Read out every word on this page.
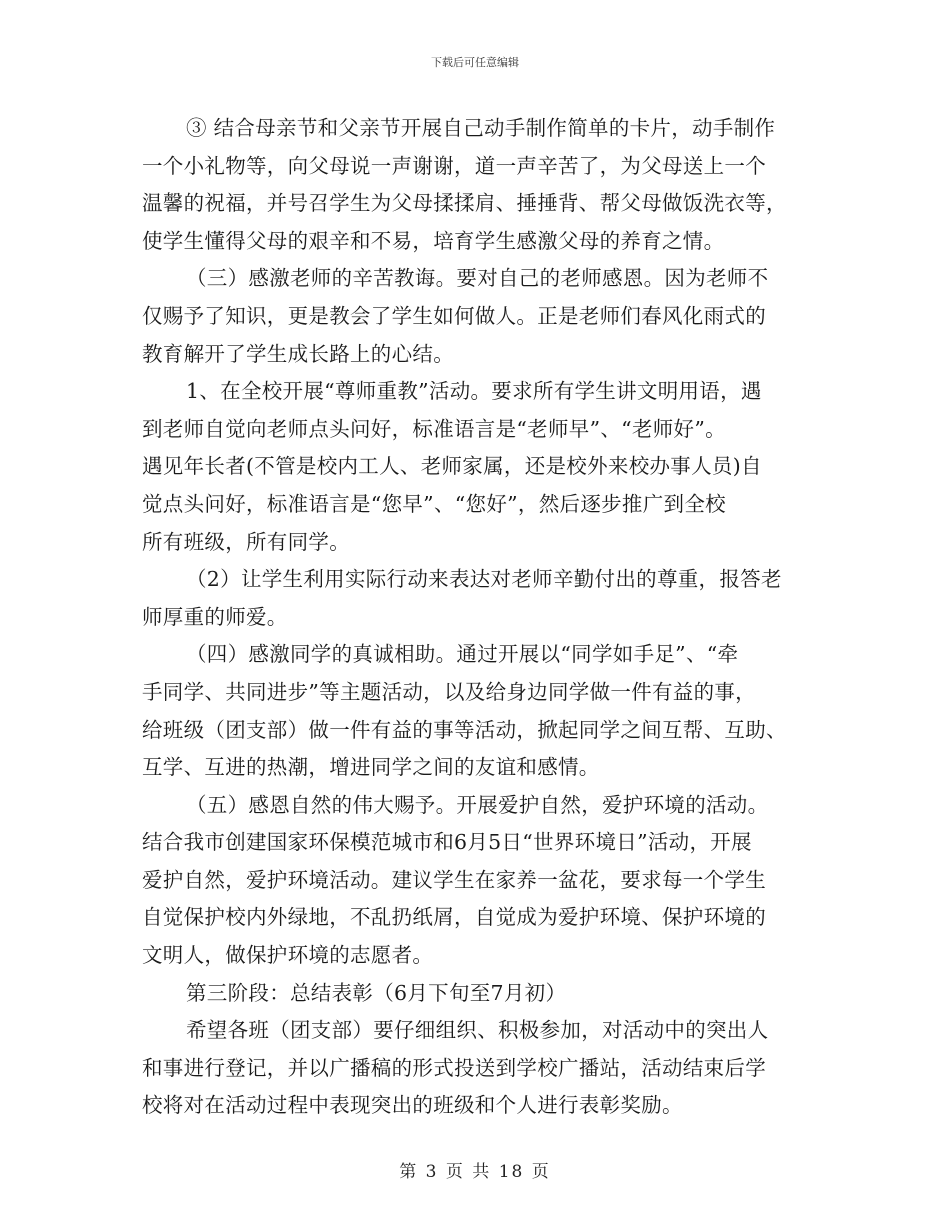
下载后可任意编辑
③ 结合母亲节和父亲节开展自己动手制作简单的卡片，动手制作
一个小礼物等，向父母说一声谢谢，道一声辛苦了，为父母送上一个
温馨的祝福，并号召学生为父母揉揉肩、捶捶背、帮父母做饭洗衣等，
使学生懂得父母的艰辛和不易，培育学生感激父母的养育之情。
（三）感激老师的辛苦教诲。要对自己的老师感恩。因为老师不
仅赐予了知识，更是教会了学生如何做人。正是老师们春风化雨式的
教育解开了学生成长路上的心结。
1、在全校开展“尊师重教”活动。要求所有学生讲文明用语，遇
到老师自觉向老师点头问好，标准语言是“老师早”、“老师好”。
遇见年长者(不管是校内工人、老师家属，还是校外来校办事人员)自
觉点头问好，标准语言是“您早”、“您好”，然后逐步推广到全校
所有班级，所有同学。
（2）让学生利用实际行动来表达对老师辛勤付出的尊重，报答老
师厚重的师爱。
（四）感激同学的真诚相助。通过开展以“同学如手足”、“牵
手同学、共同进步”等主题活动，以及给身边同学做一件有益的事，
给班级（团支部）做一件有益的事等活动，掀起同学之间互帮、互助、
互学、互进的热潮，增进同学之间的友谊和感情。
（五）感恩自然的伟大赐予。开展爱护自然，爱护环境的活动。
结合我市创建国家环保模范城市和6月5日“世界环境日”活动，开展
爱护自然，爱护环境活动。建议学生在家养一盆花，要求每一个学生
自觉保护校内外绿地，不乱扔纸屑，自觉成为爱护环境、保护环境的
文明人，做保护环境的志愿者。
第三阶段：总结表彰（6月下旬至7月初）
希望各班（团支部）要仔细组织、积极参加，对活动中的突出人
和事进行登记，并以广播稿的形式投送到学校广播站，活动结束后学
校将对在活动过程中表现突出的班级和个人进行表彰奖励。
第 3 页 共 18 页
